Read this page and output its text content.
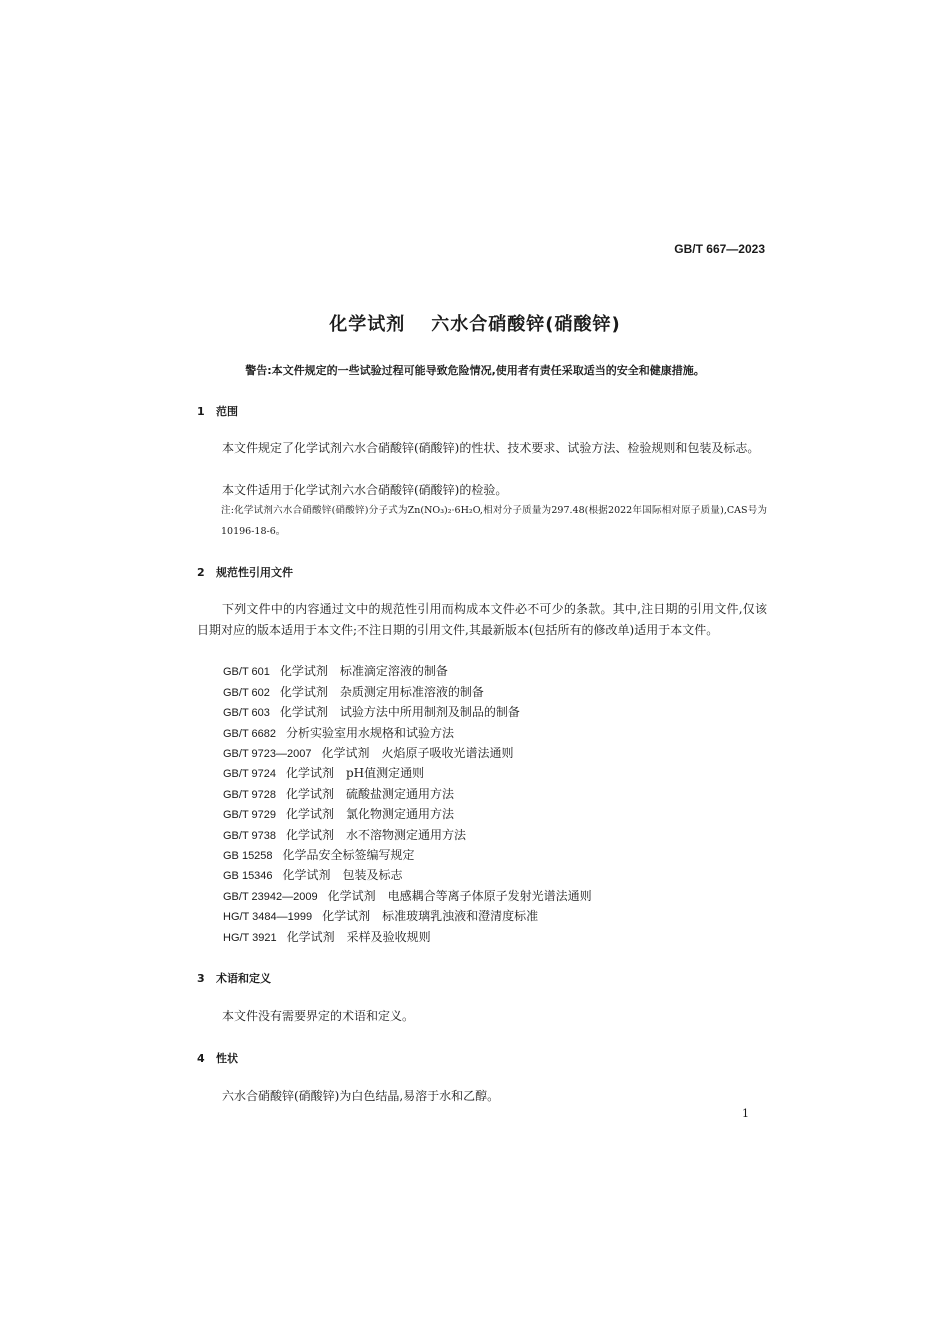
GB/T 667—2023
化学试剂 六水合硝酸锌(硝酸锌)
警告:本文件规定的一些试验过程可能导致危险情况,使用者有责任采取适当的安全和健康措施。
1 范围
本文件规定了化学试剂六水合硝酸锌(硝酸锌)的性状、技术要求、试验方法、检验规则和包装及标志。
本文件适用于化学试剂六水合硝酸锌(硝酸锌)的检验。
注:化学试剂六水合硝酸锌(硝酸锌)分子式为Zn(NO₃)₂·6H₂O,相对分子质量为297.48(根据2022年国际相对原子质量),CAS号为10196-18-6。
2 规范性引用文件
下列文件中的内容通过文中的规范性引用而构成本文件必不可少的条款。其中,注日期的引用文件,仅该日期对应的版本适用于本文件;不注日期的引用文件,其最新版本(包括所有的修改单)适用于本文件。
GB/T 601 化学试剂　标准滴定溶液的制备
GB/T 602 化学试剂　杂质测定用标准溶液的制备
GB/T 603 化学试剂　试验方法中所用制剂及制品的制备
GB/T 6682 分析实验室用水规格和试验方法
GB/T 9723—2007 化学试剂　火焰原子吸收光谱法通则
GB/T 9724 化学试剂　pH值测定通则
GB/T 9728 化学试剂　硫酸盐测定通用方法
GB/T 9729 化学试剂　氯化物测定通用方法
GB/T 9738 化学试剂　水不溶物测定通用方法
GB 15258 化学品安全标签编写规定
GB 15346 化学试剂　包装及标志
GB/T 23942—2009 化学试剂　电感耦合等离子体原子发射光谱法通则
HG/T 3484—1999 化学试剂　标准玻璃乳浊液和澄清度标准
HG/T 3921 化学试剂　采样及验收规则
3 术语和定义
本文件没有需要界定的术语和定义。
4 性状
六水合硝酸锌(硝酸锌)为白色结晶,易溶于水和乙醇。
1
